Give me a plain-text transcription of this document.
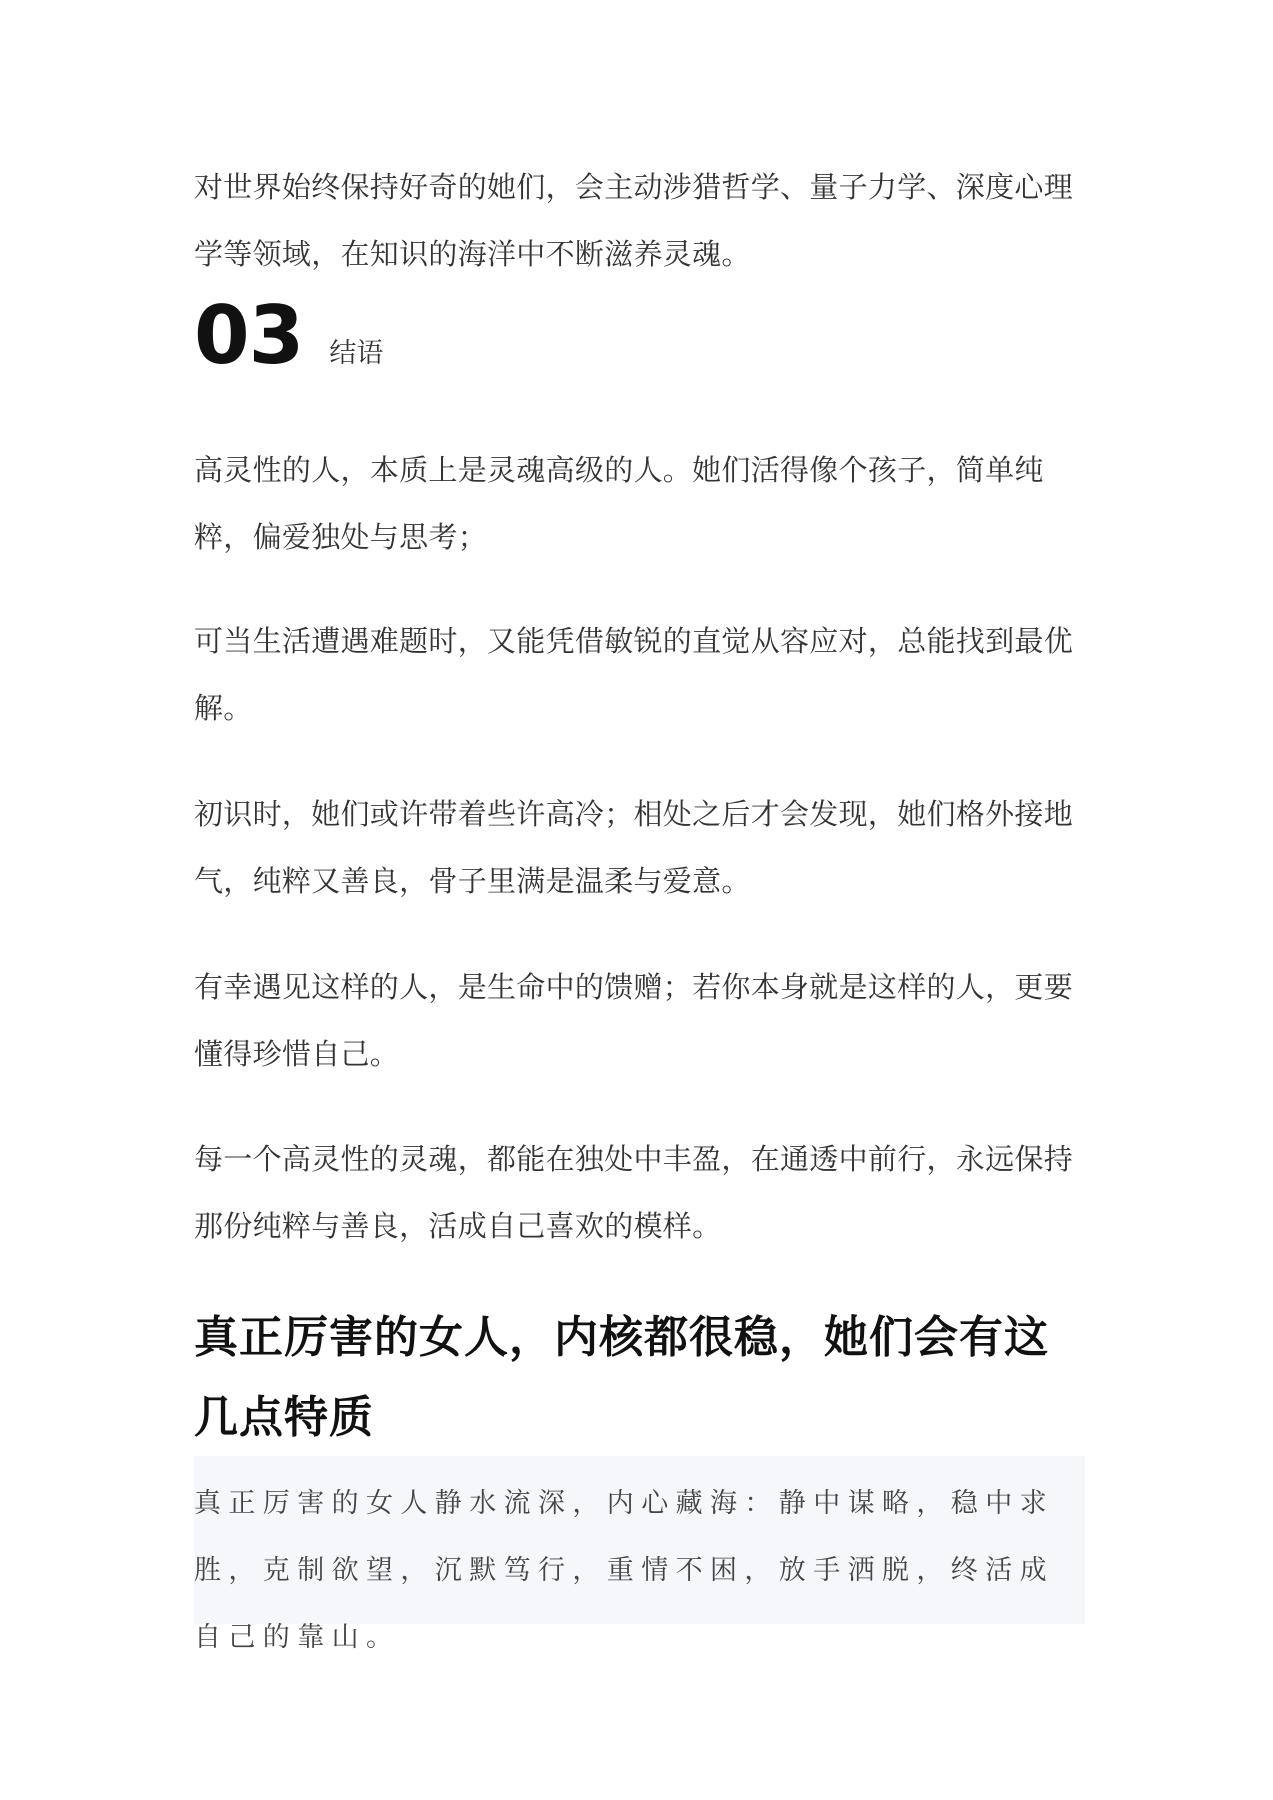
对世界始终保持好奇的她们，会主动涉猎哲学、量子力学、深度心理学等领域，在知识的海洋中不断滋养灵魂。

03 结语

高灵性的人，本质上是灵魂高级的人。她们活得像个孩子，简单纯粹，偏爱独处与思考；

可当生活遭遇难题时，又能凭借敏锐的直觉从容应对，总能找到最优解。

初识时，她们或许带着些许高冷；相处之后才会发现，她们格外接地气，纯粹又善良，骨子里满是温柔与爱意。

有幸遇见这样的人，是生命中的馈赠；若你本身就是这样的人，更要懂得珍惜自己。

每一个高灵性的灵魂，都能在独处中丰盈，在通透中前行，永远保持那份纯粹与善良，活成自己喜欢的模样。

真正厉害的女人，内核都很稳，她们会有这几点特质

真正厉害的女人静水流深，内心藏海：静中谋略，稳中求胜，克制欲望，沉默笃行，重情不困，放手洒脱，终活成自己的靠山。
